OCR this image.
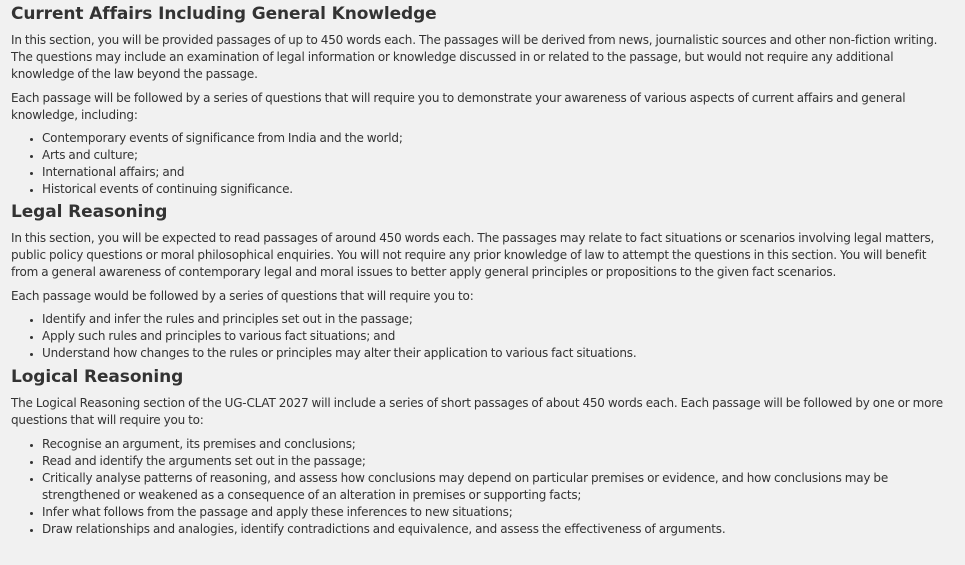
Current Affairs Including General Knowledge

In this section, you will be provided passages of up to 450 words each. The passages will be derived from news, journalistic sources and other non-fiction writing. The questions may include an examination of legal information or knowledge discussed in or related to the passage, but would not require any additional knowledge of the law beyond the passage.

Each passage will be followed by a series of questions that will require you to demonstrate your awareness of various aspects of current affairs and general knowledge, including:

• Contemporary events of significance from India and the world;
• Arts and culture;
• International affairs; and
• Historical events of continuing significance.
Legal Reasoning

In this section, you will be expected to read passages of around 450 words each. The passages may relate to fact situations or scenarios involving legal matters, public policy questions or moral philosophical enquiries. You will not require any prior knowledge of law to attempt the questions in this section. You will benefit from a general awareness of contemporary legal and moral issues to better apply general principles or propositions to the given fact scenarios.

Each passage would be followed by a series of questions that will require you to:

• Identify and infer the rules and principles set out in the passage;
• Apply such rules and principles to various fact situations; and
• Understand how changes to the rules or principles may alter their application to various fact situations.
Logical Reasoning

The Logical Reasoning section of the UG-CLAT 2027 will include a series of short passages of about 450 words each. Each passage will be followed by one or more questions that will require you to:

• Recognise an argument, its premises and conclusions;
• Read and identify the arguments set out in the passage;
• Critically analyse patterns of reasoning, and assess how conclusions may depend on particular premises or evidence, and how conclusions may be strengthened or weakened as a consequence of an alteration in premises or supporting facts;
• Infer what follows from the passage and apply these inferences to new situations;
• Draw relationships and analogies, identify contradictions and equivalence, and assess the effectiveness of arguments.
